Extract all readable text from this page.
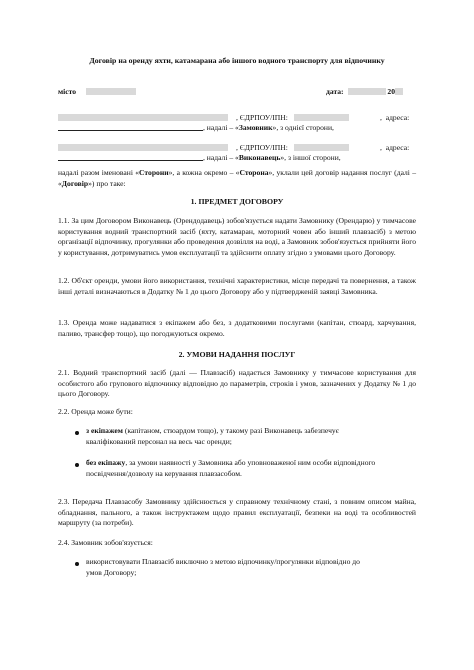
Договір на оренду яхти, катамарана або іншого водного транспорту для відпочинку
місто	дата:	20
, ЄДРПОУ/ІПН:	,  адреса:
, надалі – «Замовник», з однієї сторони,
, ЄДРПОУ/ІПН:	,  адреса:
, надалі – «Виконавець», з іншої сторони,
надалі разом іменовані «Сторони», а кожна окремо – «Сторона», уклали цей договір надання послуг (далі – «Договір») про таке:
1. ПРЕДМЕТ ДОГОВОРУ
1.1. За цим Договором Виконавець (Орендодавець) зобов'язується надати Замовнику (Орендарю) у тимчасове користування водний транспортний засіб (яхту, катамаран, моторний човен або інший плавзасіб) з метою організації відпочинку, прогулянки або проведення дозвілля на воді, а Замовник зобов'язується прийняти його у користування, дотримуватись умов експлуатації та здійснити оплату згідно з умовами цього Договору.
1.2. Об'єкт оренди, умови його використання, технічні характеристики, місце передачі та повернення, а також інші деталі визначаються в Додатку № 1 до цього Договору або у підтвердженій заявці Замовника.
1.3. Оренда може надаватися з екіпажем або без, з додатковими послугами (капітан, стюард, харчування, паливо, трансфер тощо), що погоджуються окремо.
2. УМОВИ НАДАННЯ ПОСЛУГ
2.1. Водний транспортний засіб (далі — Плавзасіб) надається Замовнику у тимчасове користування для особистого або групового відпочинку відповідно до параметрів, строків і умов, зазначених у Додатку № 1 до цього Договору.
2.2. Оренда може бути:
з екіпажем (капітаном, стюардом тощо), у такому разі Виконавець забезпечує кваліфікований персонал на весь час оренди;
без екіпажу, за умови наявності у Замовника або уповноваженої ним особи відповідного посвідчення/дозволу на керування плавзасобом.
2.3. Передача Плавзасобу Замовнику здійснюється у справному технічному стані, з повним описом майна, обладнання, пального, а також інструктажем щодо правил експлуатації, безпеки на воді та особливостей маршруту (за потреби).
2.4. Замовник зобов'язується:
використовувати Плавзасіб виключно з метою відпочинку/прогулянки відповідно до умов Договору;
